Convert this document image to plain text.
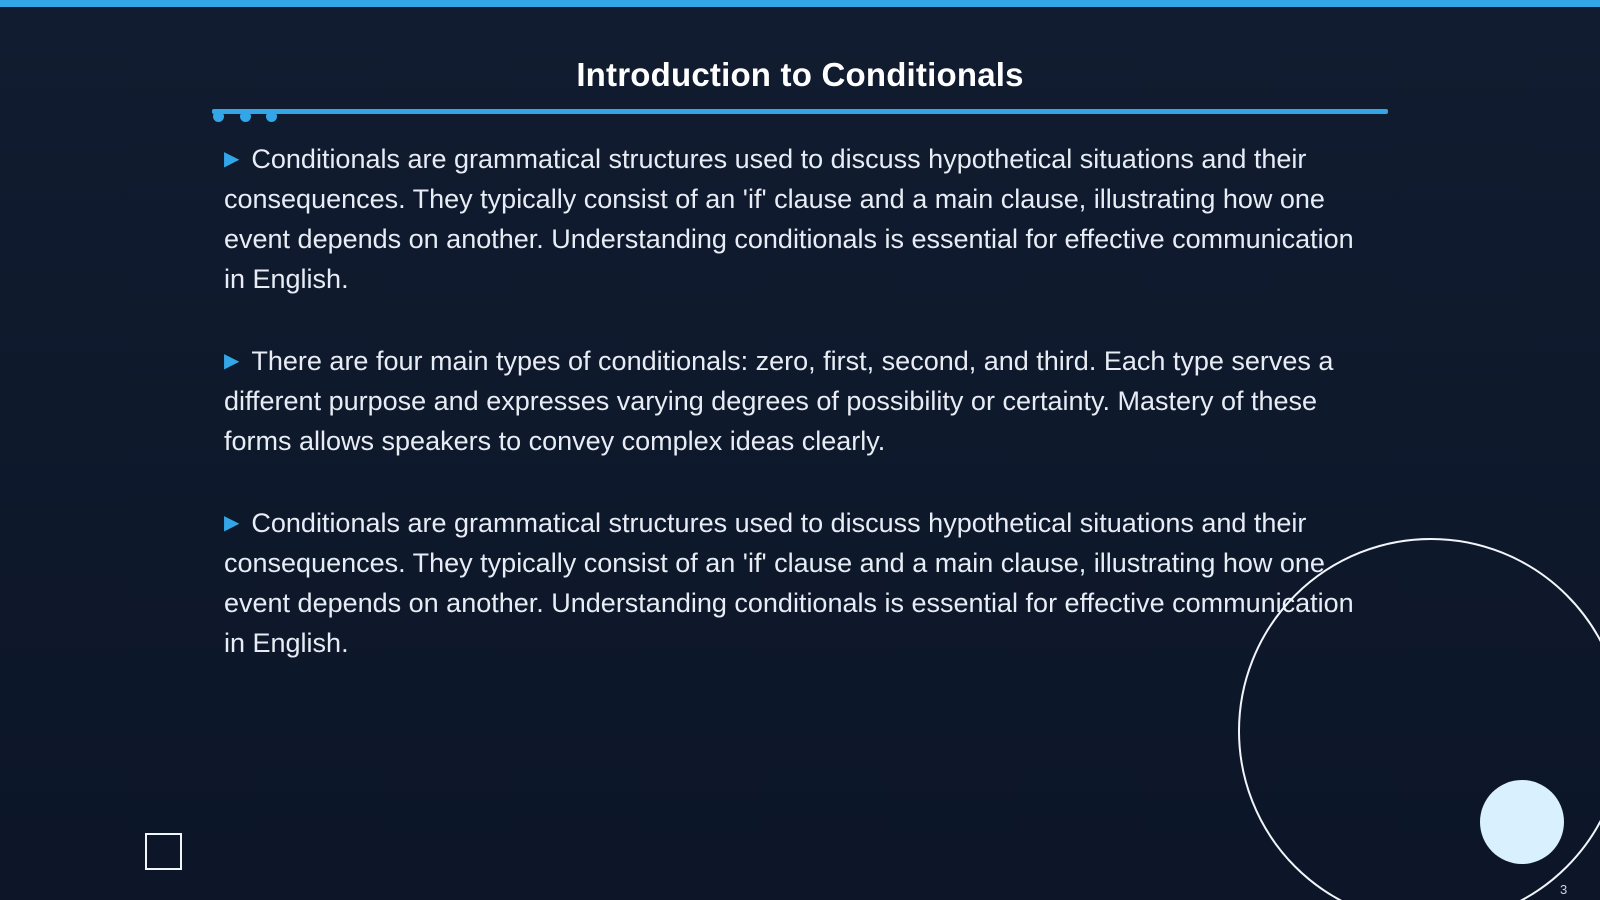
Introduction to Conditionals

▶ Conditionals are grammatical structures used to discuss hypothetical situations and their consequences. They typically consist of an 'if' clause and a main clause, illustrating how one event depends on another. Understanding conditionals is essential for effective communication in English.

▶ There are four main types of conditionals: zero, first, second, and third. Each type serves a different purpose and expresses varying degrees of possibility or certainty. Mastery of these forms allows speakers to convey complex ideas clearly.

▶ Conditionals are grammatical structures used to discuss hypothetical situations and their consequences. They typically consist of an 'if' clause and a main clause, illustrating how one event depends on another. Understanding conditionals is essential for effective communication in English.

3
